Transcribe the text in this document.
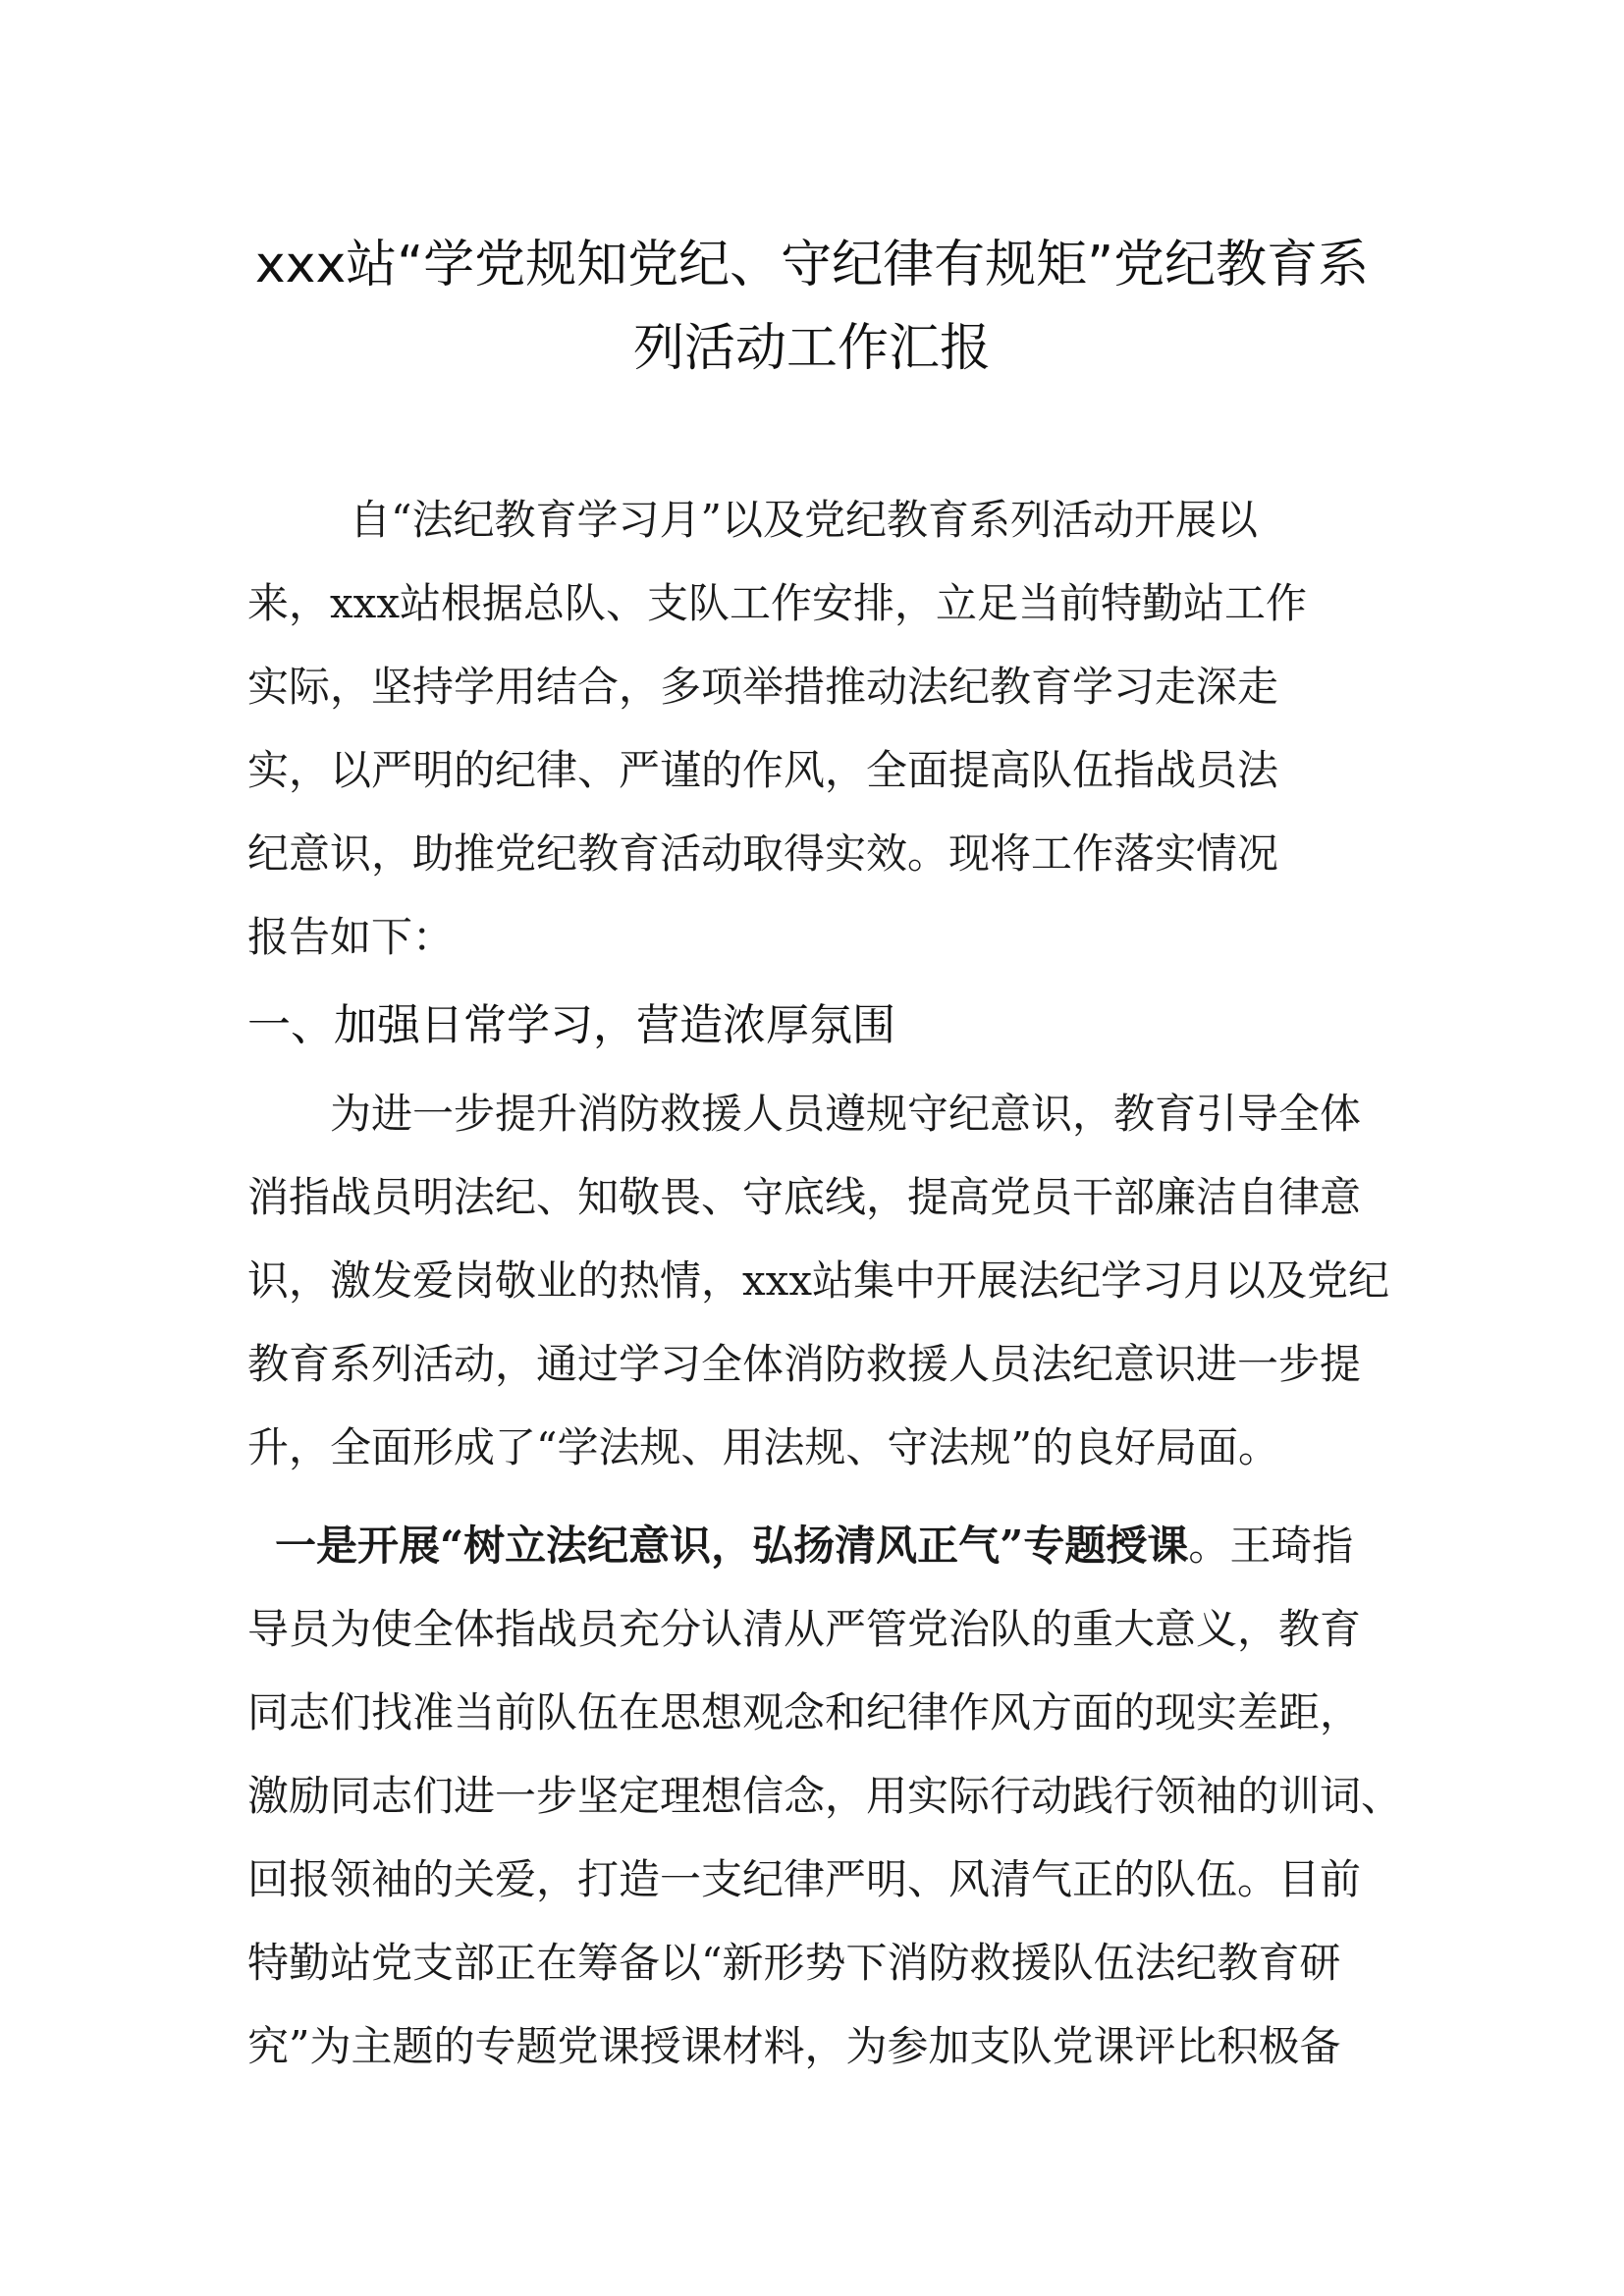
xxx站“学党规知党纪、守纪律有规矩”党纪教育系
列活动工作汇报
自“法纪教育学习月”以及党纪教育系列活动开展以
来，xxx站根据总队、支队工作安排，立足当前特勤站工作
实际，坚持学用结合，多项举措推动法纪教育学习走深走
实，以严明的纪律、严谨的作风，全面提高队伍指战员法
纪意识，助推党纪教育活动取得实效。现将工作落实情况
报告如下：
一、加强日常学习，营造浓厚氛围
为进一步提升消防救援人员遵规守纪意识，教育引导全体
消指战员明法纪、知敬畏、守底线，提高党员干部廉洁自律意
识，激发爱岗敬业的热情，xxx站集中开展法纪学习月以及党纪
教育系列活动，通过学习全体消防救援人员法纪意识进一步提
升，全面形成了“学法规、用法规、守法规”的良好局面。
一是开展“树立法纪意识，弘扬清风正气”专题授课。王琦指
导员为使全体指战员充分认清从严管党治队的重大意义，教育
同志们找准当前队伍在思想观念和纪律作风方面的现实差距，
激励同志们进一步坚定理想信念，用实际行动践行领袖的训词、
回报领袖的关爱，打造一支纪律严明、风清气正的队伍。目前
特勤站党支部正在筹备以“新形势下消防救援队伍法纪教育研
究”为主题的专题党课授课材料，为参加支队党课评比积极备
